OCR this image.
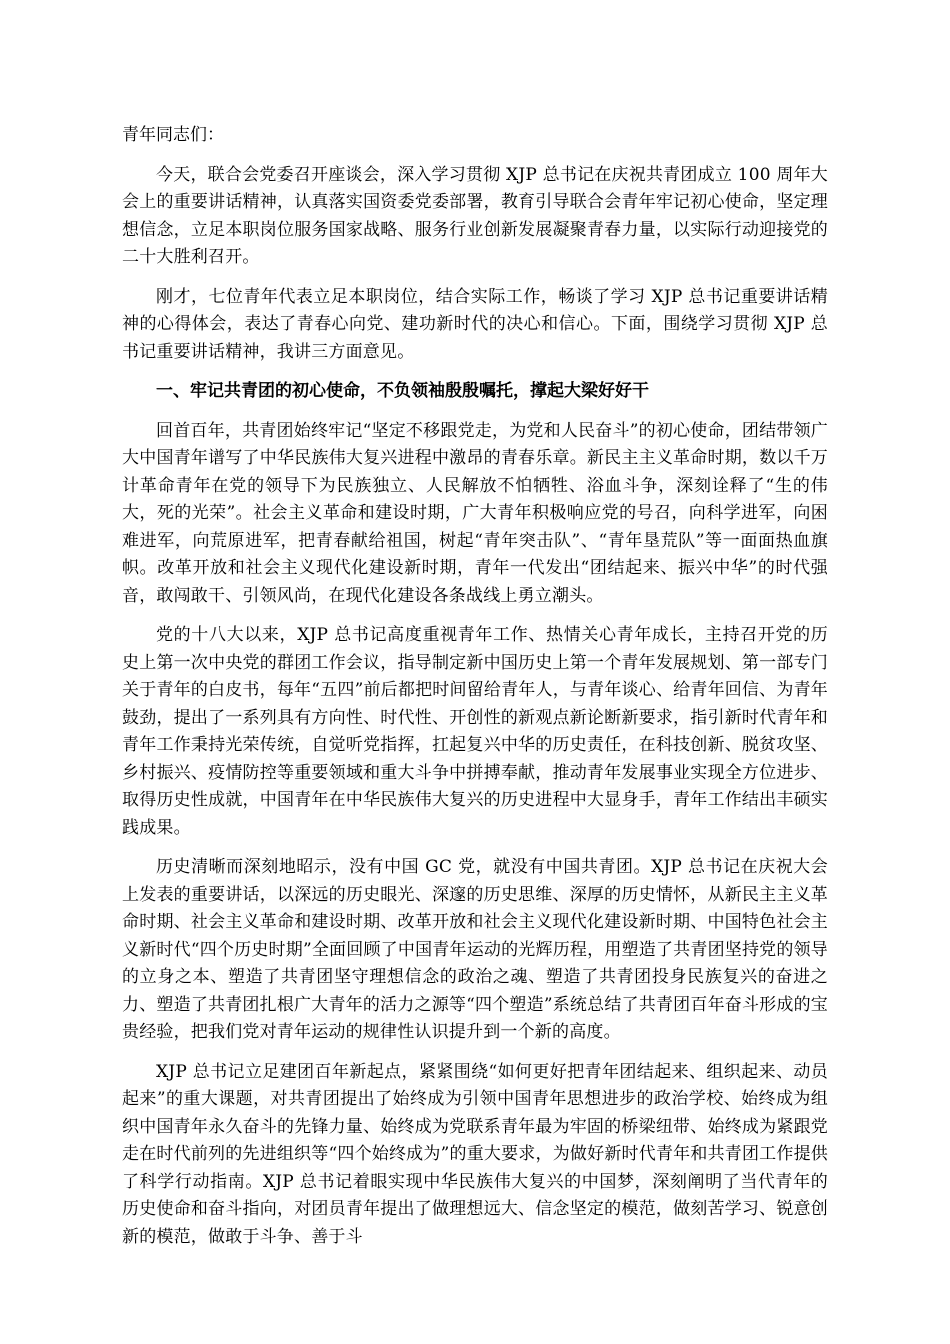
青年同志们：

今天，联合会党委召开座谈会，深入学习贯彻 XJP 总书记在庆祝共青团成立 100 周年大会上的重要讲话精神，认真落实国资委党委部署，教育引导联合会青年牢记初心使命，坚定理想信念，立足本职岗位服务国家战略、服务行业创新发展凝聚青春力量，以实际行动迎接党的二十大胜利召开。

刚才，七位青年代表立足本职岗位，结合实际工作，畅谈了学习 XJP 总书记重要讲话精神的心得体会，表达了青春心向党、建功新时代的决心和信心。下面，围绕学习贯彻 XJP 总书记重要讲话精神，我讲三方面意见。

一、牢记共青团的初心使命，不负领袖殷殷嘱托，撑起大梁好好干

回首百年，共青团始终牢记“坚定不移跟党走，为党和人民奋斗”的初心使命，团结带领广大中国青年谱写了中华民族伟大复兴进程中激昂的青春乐章。新民主主义革命时期，数以千万计革命青年在党的领导下为民族独立、人民解放不怕牺牲、浴血斗争，深刻诠释了“生的伟大，死的光荣”。社会主义革命和建设时期，广大青年积极响应党的号召，向科学进军，向困难进军，向荒原进军，把青春献给祖国，树起“青年突击队”、“青年垦荒队”等一面面热血旗帜。改革开放和社会主义现代化建设新时期，青年一代发出“团结起来、振兴中华”的时代强音，敢闯敢干、引领风尚，在现代化建设各条战线上勇立潮头。

党的十八大以来，XJP 总书记高度重视青年工作、热情关心青年成长，主持召开党的历史上第一次中央党的群团工作会议，指导制定新中国历史上第一个青年发展规划、第一部专门关于青年的白皮书，每年“五四”前后都把时间留给青年人，与青年谈心、给青年回信、为青年鼓劲，提出了一系列具有方向性、时代性、开创性的新观点新论断新要求，指引新时代青年和青年工作秉持光荣传统，自觉听党指挥，扛起复兴中华的历史责任，在科技创新、脱贫攻坚、乡村振兴、疫情防控等重要领域和重大斗争中拼搏奉献，推动青年发展事业实现全方位进步、取得历史性成就，中国青年在中华民族伟大复兴的历史进程中大显身手，青年工作结出丰硕实践成果。

历史清晰而深刻地昭示，没有中国 GC 党，就没有中国共青团。XJP 总书记在庆祝大会上发表的重要讲话，以深远的历史眼光、深邃的历史思维、深厚的历史情怀，从新民主主义革命时期、社会主义革命和建设时期、改革开放和社会主义现代化建设新时期、中国特色社会主义新时代“四个历史时期”全面回顾了中国青年运动的光辉历程，用塑造了共青团坚持党的领导的立身之本、塑造了共青团坚守理想信念的政治之魂、塑造了共青团投身民族复兴的奋进之力、塑造了共青团扎根广大青年的活力之源等“四个塑造”系统总结了共青团百年奋斗形成的宝贵经验，把我们党对青年运动的规律性认识提升到一个新的高度。

XJP 总书记立足建团百年新起点，紧紧围绕“如何更好把青年团结起来、组织起来、动员起来”的重大课题，对共青团提出了始终成为引领中国青年思想进步的政治学校、始终成为组织中国青年永久奋斗的先锋力量、始终成为党联系青年最为牢固的桥梁纽带、始终成为紧跟党走在时代前列的先进组织等“四个始终成为”的重大要求，为做好新时代青年和共青团工作提供了科学行动指南。XJP 总书记着眼实现中华民族伟大复兴的中国梦，深刻阐明了当代青年的历史使命和奋斗指向，对团员青年提出了做理想远大、信念坚定的模范，做刻苦学习、锐意创新的模范，做敢于斗争、善于斗
